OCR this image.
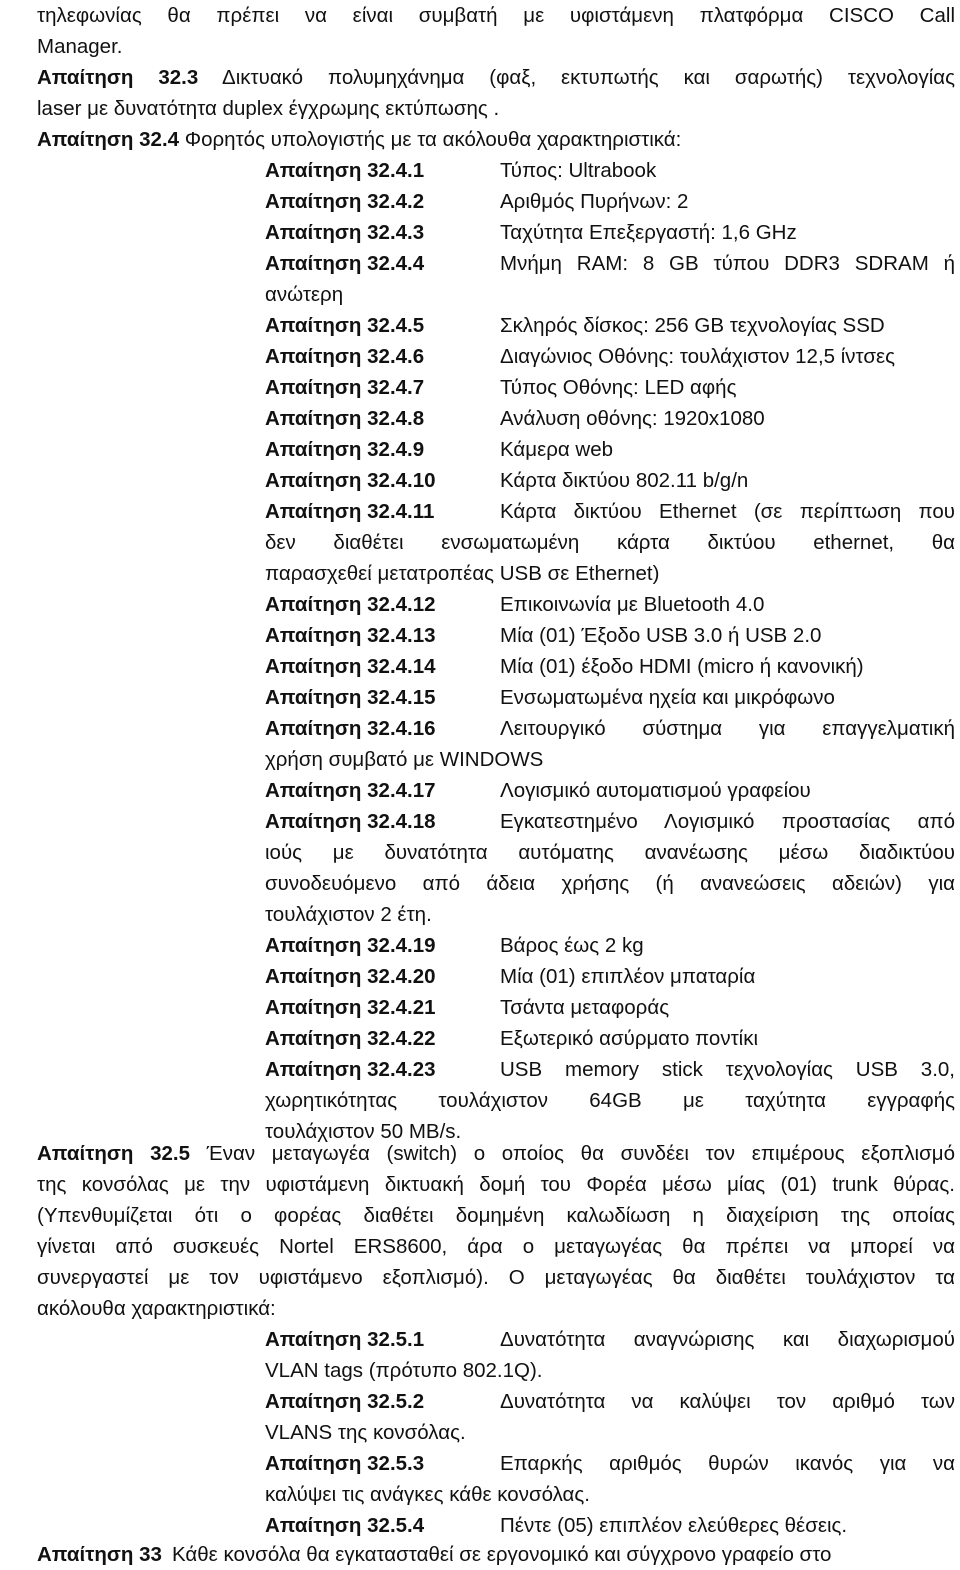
τηλεφωνίας θα πρέπει να είναι συμβατή με υφιστάμενη πλατφόρμα CISCO Call
Manager.
Απαίτηση 32.3 Δικτυακό πολυμηχάνημα (φαξ, εκτυπωτής και σαρωτής) τεχνολογίας
laser με δυνατότητα duplex έγχρωμης εκτύπωσης .
Απαίτηση 32.4 Φορητός υπολογιστής με τα ακόλουθα χαρακτηριστικά:
Απαίτηση 32.4.1	Τύπος: Ultrabook
Απαίτηση 32.4.2	Αριθμός Πυρήνων: 2
Απαίτηση 32.4.3	Ταχύτητα Επεξεργαστή: 1,6 GHz
Απαίτηση 32.4.4	Μνήμη RAM: 8 GB τύπου DDR3 SDRAM ή
ανώτερη
Απαίτηση 32.4.5	Σκληρός δίσκος: 256 GB τεχνολογίας SSD
Απαίτηση 32.4.6	Διαγώνιος Οθόνης: τουλάχιστον 12,5 ίντσες
Απαίτηση 32.4.7	Τύπος Οθόνης: LED αφής
Απαίτηση 32.4.8	Ανάλυση οθόνης: 1920x1080
Απαίτηση 32.4.9	Κάμερα web
Απαίτηση 32.4.10	Κάρτα δικτύου 802.11 b/g/n
Απαίτηση 32.4.11	Κάρτα δικτύου Ethernet (σε περίπτωση που
δεν διαθέτει ενσωματωμένη κάρτα δικτύου ethernet, θα
παρασχεθεί μετατροπέας USB σε Ethernet)
Απαίτηση 32.4.12	Επικοινωνία με Bluetooth 4.0
Απαίτηση 32.4.13	Μία (01) Έξοδο USB 3.0 ή USB 2.0
Απαίτηση 32.4.14	Μία (01) έξοδο HDMI (micro ή κανονική)
Απαίτηση 32.4.15	Ενσωματωμένα ηχεία και μικρόφωνο
Απαίτηση 32.4.16	Λειτουργικό σύστημα για επαγγελματική
χρήση συμβατό με WINDOWS
Απαίτηση 32.4.17	Λογισμικό αυτοματισμού γραφείου
Απαίτηση 32.4.18	Εγκατεστημένο Λογισμικό προστασίας από
ιούς με δυνατότητα αυτόματης ανανέωσης μέσω διαδικτύου
συνοδευόμενο από άδεια χρήσης (ή ανανεώσεις αδειών) για
τουλάχιστον 2 έτη.
Απαίτηση 32.4.19	Βάρος έως 2 kg
Απαίτηση 32.4.20	Μία (01) επιπλέον μπαταρία
Απαίτηση 32.4.21	Τσάντα μεταφοράς
Απαίτηση 32.4.22	Εξωτερικό ασύρματο ποντίκι
Απαίτηση 32.4.23	USB memory stick τεχνολογίας USB 3.0,
χωρητικότητας τουλάχιστον 64GB με ταχύτητα εγγραφής
τουλάχιστον 50 MB/s.
Απαίτηση 32.5 Έναν μεταγωγέα (switch) ο οποίος θα συνδέει τον επιμέρους εξοπλισμό
της κονσόλας με την υφιστάμενη δικτυακή δομή του Φορέα μέσω μίας (01) trunk θύρας.
(Υπενθυμίζεται ότι ο φορέας διαθέτει δομημένη καλωδίωση η διαχείριση της οποίας
γίνεται από συσκευές Nortel ERS8600, άρα ο μεταγωγέας θα πρέπει να μπορεί να
συνεργαστεί με τον υφιστάμενο εξοπλισμό). Ο μεταγωγέας θα διαθέτει τουλάχιστον τα
ακόλουθα χαρακτηριστικά:
Απαίτηση 32.5.1	Δυνατότητα αναγνώρισης και διαχωρισμού
VLAN tags (πρότυπο 802.1Q).
Απαίτηση 32.5.2	Δυνατότητα να καλύψει τον αριθμό των
VLANS της κονσόλας.
Απαίτηση 32.5.3	Επαρκής αριθμός θυρών ικανός για να
καλύψει τις ανάγκες κάθε κονσόλας.
Απαίτηση 32.5.4	Πέντε (05) επιπλέον ελεύθερες θέσεις.
Απαίτηση 33 Κάθε κονσόλα θα εγκατασταθεί σε εργονομικό και σύγχρονο γραφείο στο
